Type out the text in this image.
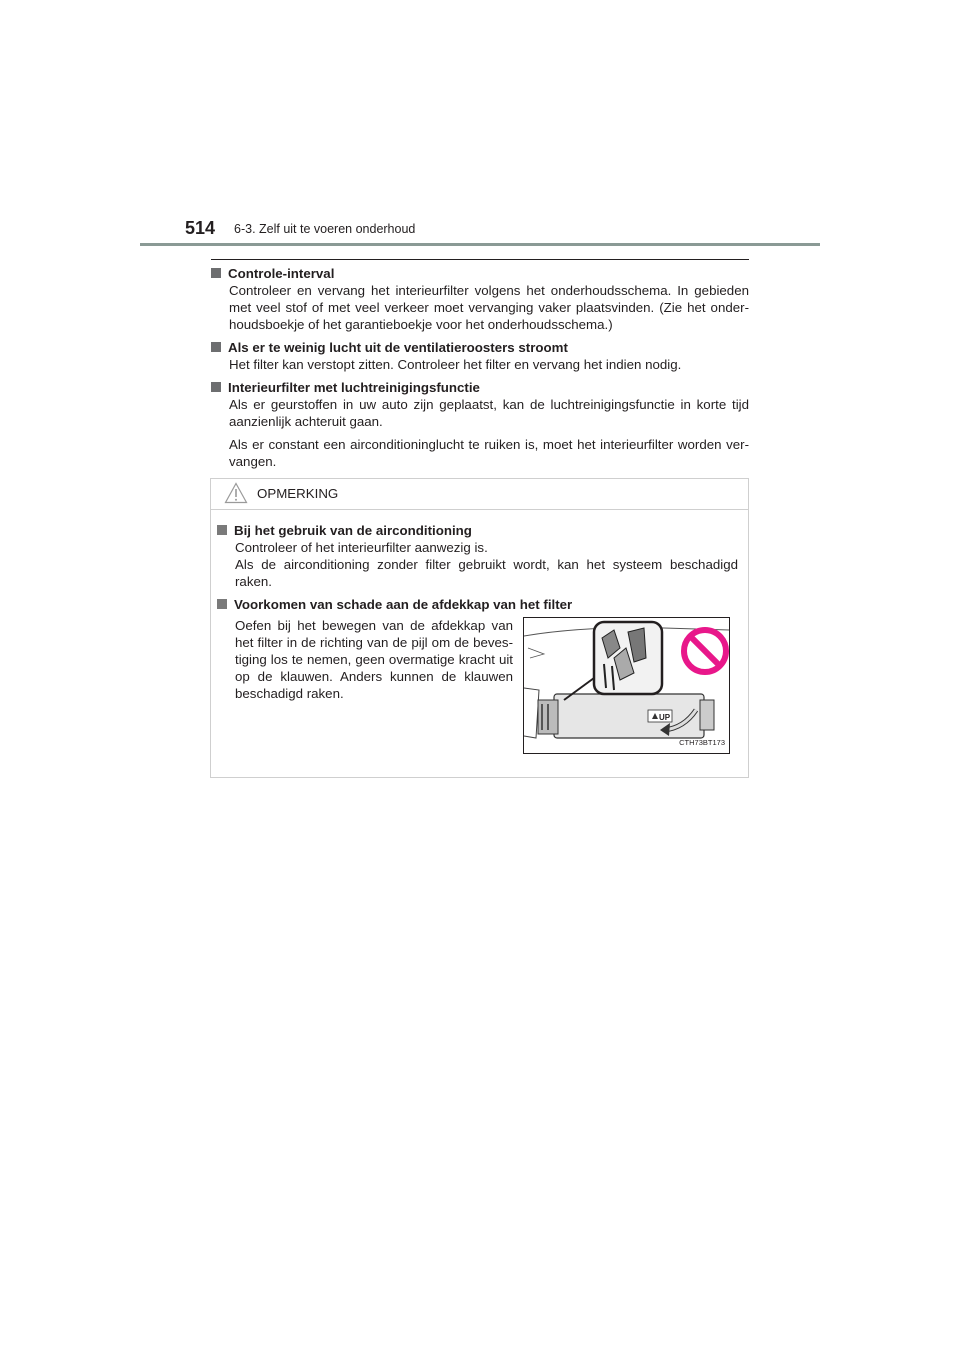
514 6-3. Zelf uit te voeren onderhoud
Controle-interval

Controleer en vervang het interieurfilter volgens het onderhoudsschema. In gebieden met veel stof of met veel verkeer moet vervanging vaker plaatsvinden. (Zie het onder-houdsboekje of het garantieboekje voor het onderhoudsschema.)

Als er te weinig lucht uit de ventilatieroosters stroomt

Het filter kan verstopt zitten. Controleer het filter en vervang het indien nodig.

Interieurfilter met luchtreinigingsfunctie

Als er geurstoffen in uw auto zijn geplaatst, kan de luchtreinigingsfunctie in korte tijd aanzienlijk achteruit gaan.

Als er constant een airconditioninglucht te ruiken is, moet het interieurfilter worden ver-vangen.

OPMERKING
Bij het gebruik van de airconditioning
Controleer of het interieurfilter aanwezig is.
Als de airconditioning zonder filter gebruikt wordt, kan het systeem beschadigd raken.
Voorkomen van schade aan de afdekkap van het filter
Oefen bij het bewegen van de afdekkap van het filter in de richting van de pijl om de beves-tiging los te nemen, geen overmatige kracht uit op de klauwen. Anders kunnen de klauwen beschadigd raken.
UP
CTH73BT173
